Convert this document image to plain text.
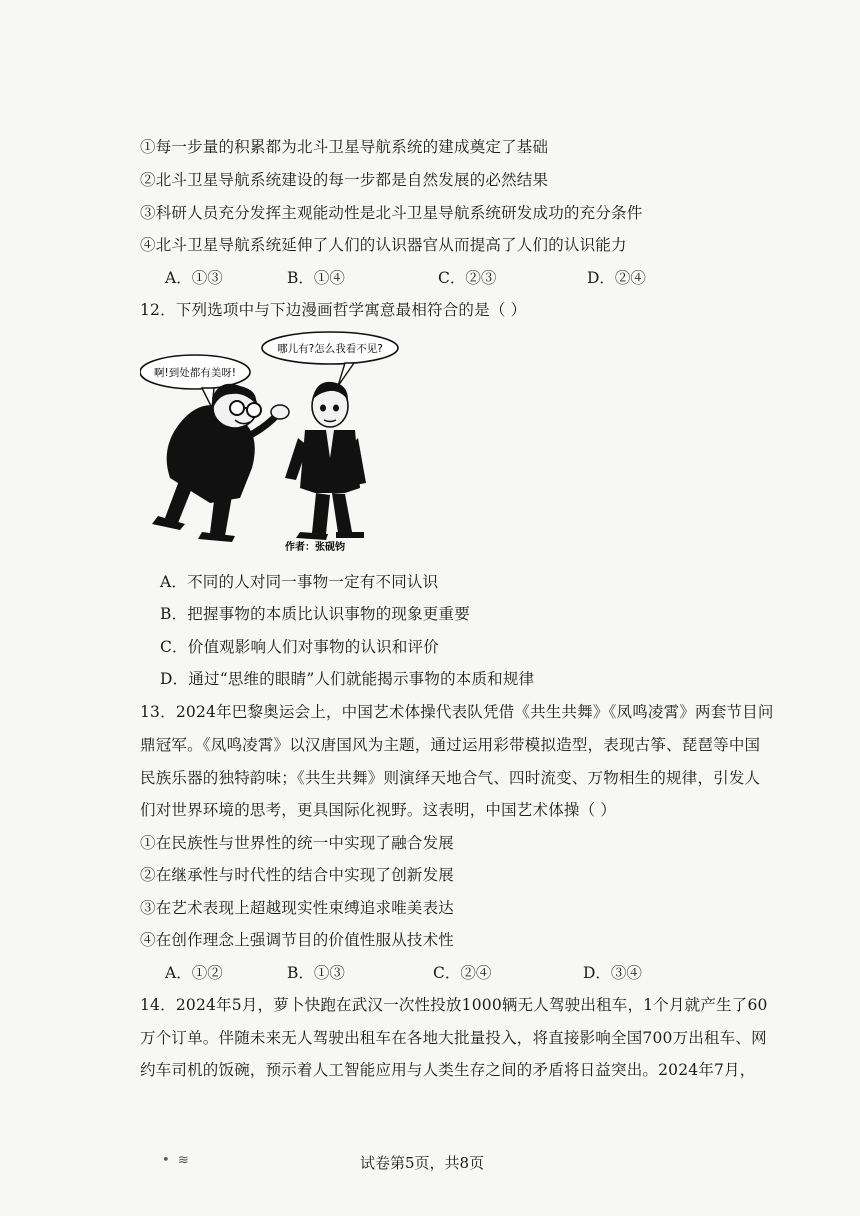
①每一步量的积累都为北斗卫星导航系统的建成奠定了基础
②北斗卫星导航系统建设的每一步都是自然发展的必然结果
③科研人员充分发挥主观能动性是北斗卫星导航系统研发成功的充分条件
④北斗卫星导航系统延伸了人们的认识器官从而提高了人们的认识能力
A．①③	B．①④	C．②③	D．②④
12．下列选项中与下边漫画哲学寓意最相符合的是（ ）
啊!到处都有美呀!
哪儿有?怎么我看不见?
作者：张砚钧
A．不同的人对同一事物一定有不同认识
B．把握事物的本质比认识事物的现象更重要
C．价值观影响人们对事物的认识和评价
D．通过“思维的眼睛”人们就能揭示事物的本质和规律
13．2024年巴黎奥运会上，中国艺术体操代表队凭借《共生共舞》《凤鸣凌霄》两套节目问
鼎冠军。《凤鸣凌霄》以汉唐国风为主题，通过运用彩带模拟造型，表现古筝、琵琶等中国
民族乐器的独特韵味；《共生共舞》则演绎天地合气、四时流变、万物相生的规律，引发人
们对世界环境的思考，更具国际化视野。这表明，中国艺术体操（ ）
①在民族性与世界性的统一中实现了融合发展
②在继承性与时代性的结合中实现了创新发展
③在艺术表现上超越现实性束缚追求唯美表达
④在创作理念上强调节目的价值性服从技术性
A．①②	B．①③	C．②④	D．③④
14．2024年5月，萝卜快跑在武汉一次性投放1000辆无人驾驶出租车，1个月就产生了60
万个订单。伴随未来无人驾驶出租车在各地大批量投入，将直接影响全国700万出租车、网
约车司机的饭碗，预示着人工智能应用与人类生存之间的矛盾将日益突出。2024年7月，
•  ≋	试卷第5页，共8页
